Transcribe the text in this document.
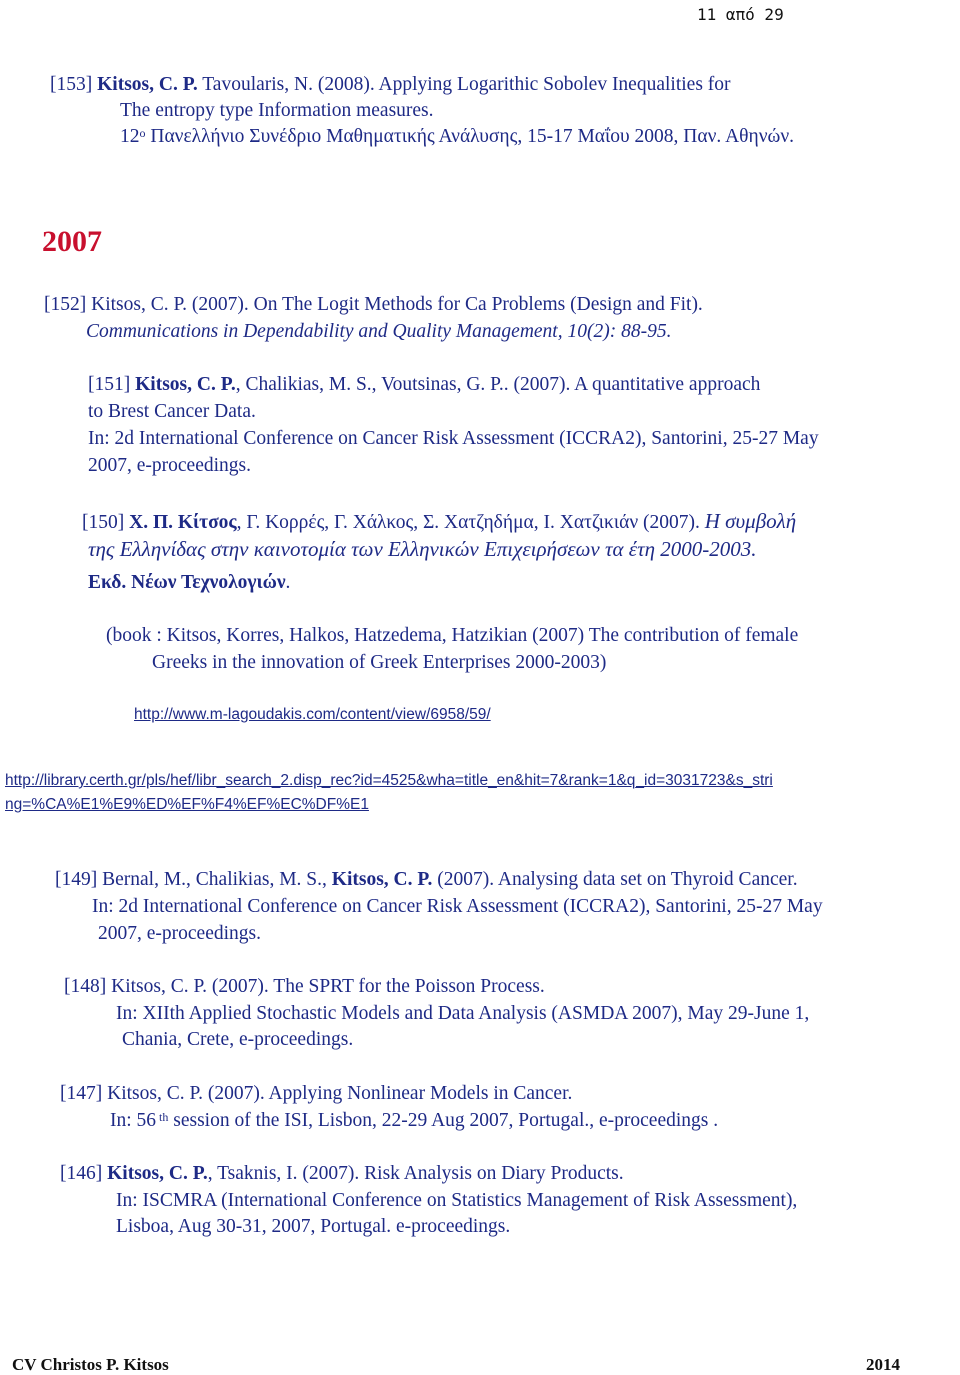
11 από 29
[153] Kitsos, C. P. Tavoularis, N. (2008). Applying Logarithic Sobolev Inequalities for
The entropy type Information measures.
$12^o$ Πανελλήνιο Συνέδριο Μαθηματικής Ανάλυσης, 15-17 Μαΐου 2008, Παν. Αθηνών.
2007
[152] Kitsos, C. P. (2007). On The Logit Methods for Ca Problems (Design and Fit).
Communications in Dependability and Quality Management, 10(2): 88-95.
[151] Kitsos, C. P., Chalikias, M. S., Voutsinas, G. P.. (2007). A quantitative approach
to Brest Cancer Data.
In: 2d International Conference on Cancer Risk Assessment (ICCRA2), Santorini, 25-27 May
2007, e-proceedings.
[150] Χ. Π. Κίτσος, Γ. Κορρές, Γ. Χάλκος, Σ. Χατζηδήμα, Ι. Χατζικιάν (2007). Η συμβολή
της Ελληνίδας στην καινοτομία των Ελληνικών Επιχειρήσεων τα έτη 2000-2003.
Εκδ. Νέων Τεχνολογιών.
(book : Kitsos, Korres, Halkos, Hatzedema, Hatzikian (2007) The contribution of female
Greeks in the innovation of Greek Enterprises 2000-2003)
http://www.m-lagoudakis.com/content/view/6958/59/
http://library.certh.gr/pls/hef/libr_search_2.disp_rec?id=4525&wha=title_en&hit=7&rank=1&q_id=3031723&s_stri
ng=%CA%E1%E9%ED%EF%F4%EF%EC%DF%E1
[149] Bernal, M., Chalikias, M. S., Kitsos, C. P. (2007). Analysing data set on Thyroid Cancer.
In: 2d International Conference on Cancer Risk Assessment (ICCRA2), Santorini, 25-27 May
2007, e-proceedings.
[148] Kitsos, C. P. (2007). The SPRT for the Poisson Process.
In: XIIth Applied Stochastic Models and Data Analysis (ASMDA 2007), May 29-June 1,
Chania, Crete, e-proceedings.
[147] Kitsos, C. P. (2007). Applying Nonlinear Models in Cancer.
In: 56 $^{th}$ session of the ISI, Lisbon, 22-29 Aug 2007, Portugal., e-proceedings .
[146] Kitsos, C. P., Tsaknis, I. (2007). Risk Analysis on Diary Products.
In: ISCMRA (International Conference on Statistics Management of Risk Assessment),
Lisboa, Aug 30-31, 2007, Portugal. e-proceedings.
CV Christos P. Kitsos	2014
